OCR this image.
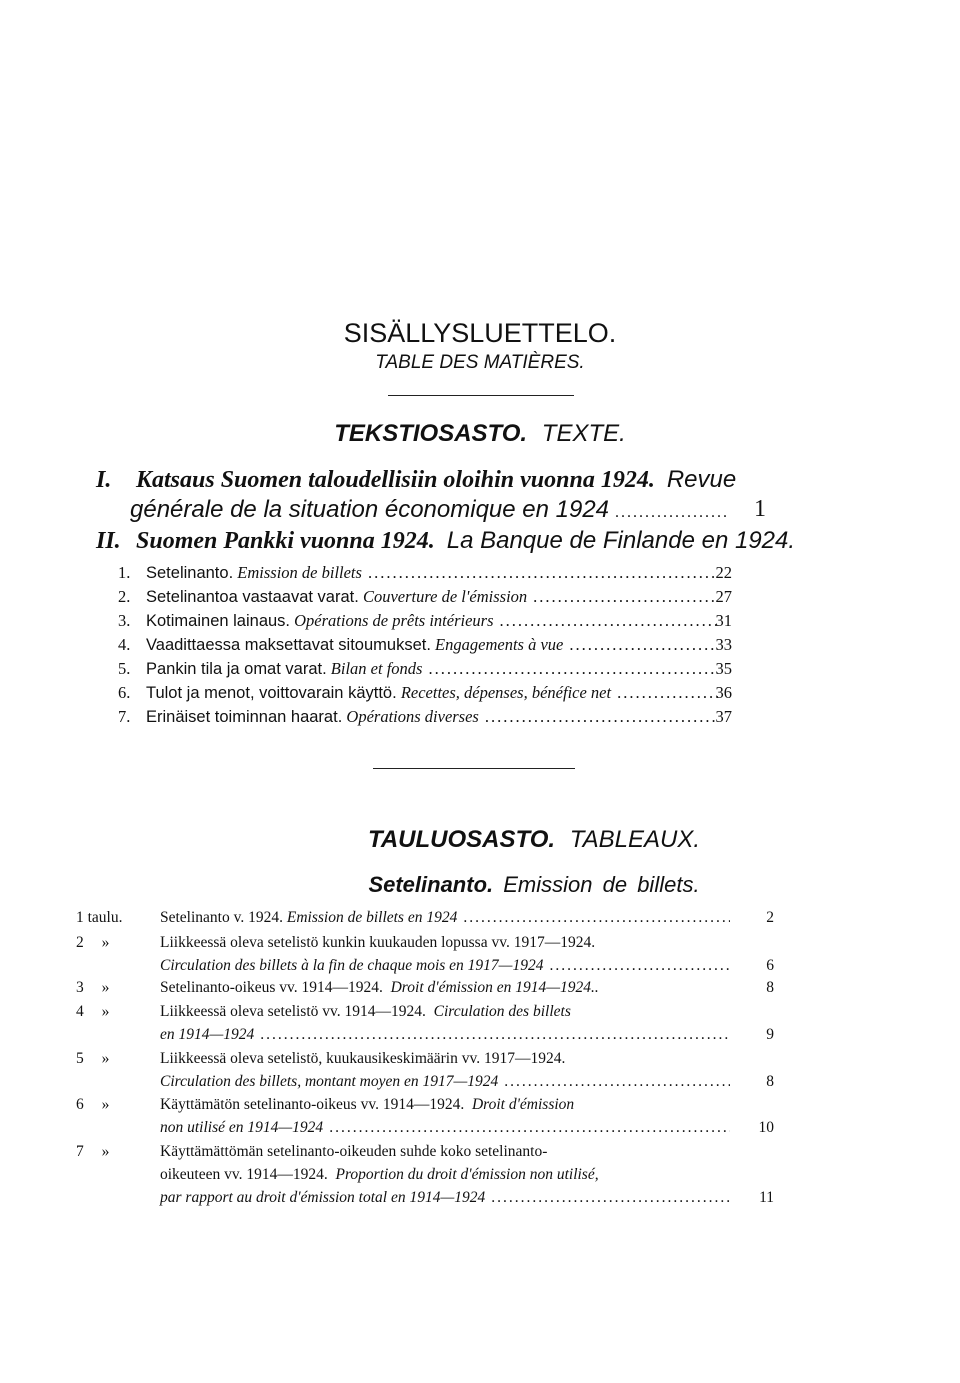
SISÄLLYSLUETTELO.
TABLE DES MATIÈRES.
TEKSTIOSASTO. TEXTE.
I. Katsaus Suomen taloudellisiin oloihin vuonna 1924. Revue
générale de la situation économique en 1924 .....	1
II. Suomen Pankki vuonna 1924. La Banque de Finlande en 1924.
1. Setelinanto.
Emission de billets .....	22
2. Setelinantoa vastaavat varat.
Couverture de l'émission .....	27
3. Kotimainen lainaus.
Opérations de prêts intérieurs .....	31
4. Vaadittaessa maksettavat sitoumukset.
Engagements à vue .....	33
5. Pankin tila ja omat varat.
Bilan et fonds .....	35
6. Tulot ja menot, voittovarain käyttö.
Recettes, dépenses, bénéfice net .....	36
7. Erinäiset toiminnan haarat.
Opérations diverses .....	37
TAULUOSASTO. TABLEAUX.
Setelinanto. Emission de billets.
1 taulu. Setelinanto v. 1924.
Emission de billets en 1924 .....	2
2 »	Liikkeessä oleva setelistö kunkin kuukauden lopussa vv. 1917—1924.
Circulation des billets à la fin de chaque mois en 1917—1924 .....	6
3 »	Setelinanto-oikeus vv. 1914—1924. Droit d'émission en 1914—1924..	8
4 »	Liikkeessä oleva setelistö vv. 1914—1924. Circulation des billets
en 1914—1924 .....	9
5 »	Liikkeessä oleva setelistö, kuukausikeskimäärin vv. 1917—1924.
Circulation des billets, montant moyen en 1917—1924 .....	8
6 »	Käyttämätön setelinanto-oikeus vv. 1914—1924. Droit d'émission
non utilisé en 1914—1924 .....	10
7 »	Käyttämättömän setelinanto-oikeuden suhde koko setelinanto-
oikeuteen vv. 1914—1924. Proportion du droit d'émission non utilisé,
par rapport au droit d'émission total en 1914—1924 .....	11
